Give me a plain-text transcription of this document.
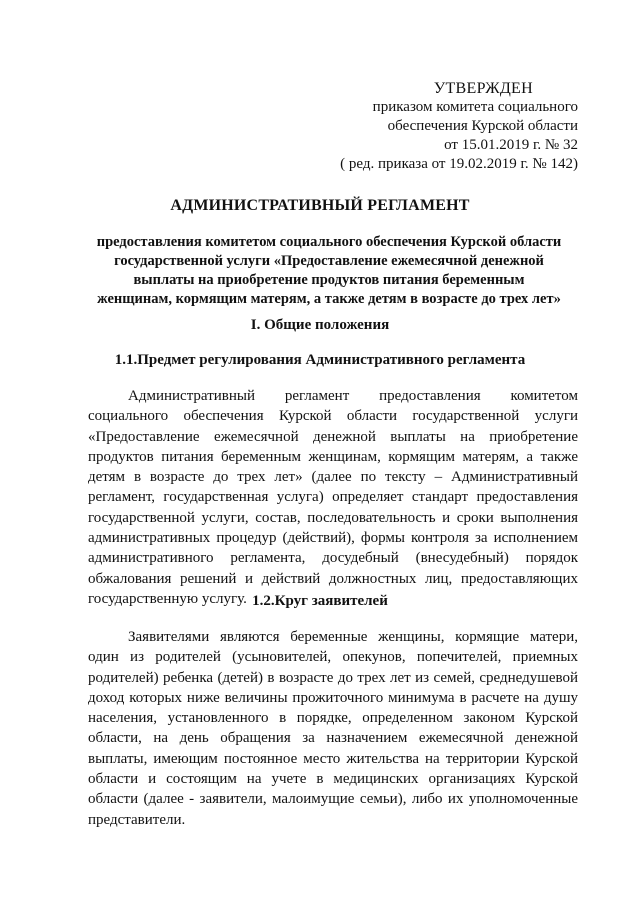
УТВЕРЖДЕН
приказом комитета социального
обеспечения Курской области
от 15.01.2019 г. № 32
( ред. приказа от 19.02.2019 г. № 142)
АДМИНИСТРАТИВНЫЙ РЕГЛАМЕНТ
предоставления комитетом социального обеспечения Курской области
государственной услуги «Предоставление ежемесячной денежной
выплаты на приобретение продуктов питания беременным
женщинам, кормящим матерям, а также детям в возрасте до трех лет»
I. Общие положения
1.1.Предмет регулирования Административного регламента
Административный регламент предоставления комитетом
социального обеспечения Курской области государственной услуги
«Предоставление ежемесячной денежной выплаты на приобретение
продуктов питания беременным женщинам, кормящим матерям, а также
детям в возрасте до трех лет» (далее по тексту – Административный
регламент, государственная услуга) определяет стандарт предоставления
государственной услуги, состав, последовательность и сроки выполнения
административных процедур (действий), формы контроля за исполнением
административного регламента, досудебный (внесудебный) порядок
обжалования решений и действий должностных лиц, предоставляющих
государственную услугу. 1.2.Круг заявителей
Заявителями являются беременные женщины, кормящие матери,
один из родителей (усыновителей, опекунов, попечителей, приемных
родителей) ребенка (детей) в возрасте до трех лет из семей, среднедушевой
доход которых ниже величины прожиточного минимума в расчете на душу
населения, установленного в порядке, определенном законом Курской
области, на день обращения за назначением ежемесячной денежной
выплаты, имеющим постоянное место жительства на территории Курской
области и состоящим на учете в медицинских организациях Курской
области (далее - заявители, малоимущие семьи), либо их уполномоченные
представители.
